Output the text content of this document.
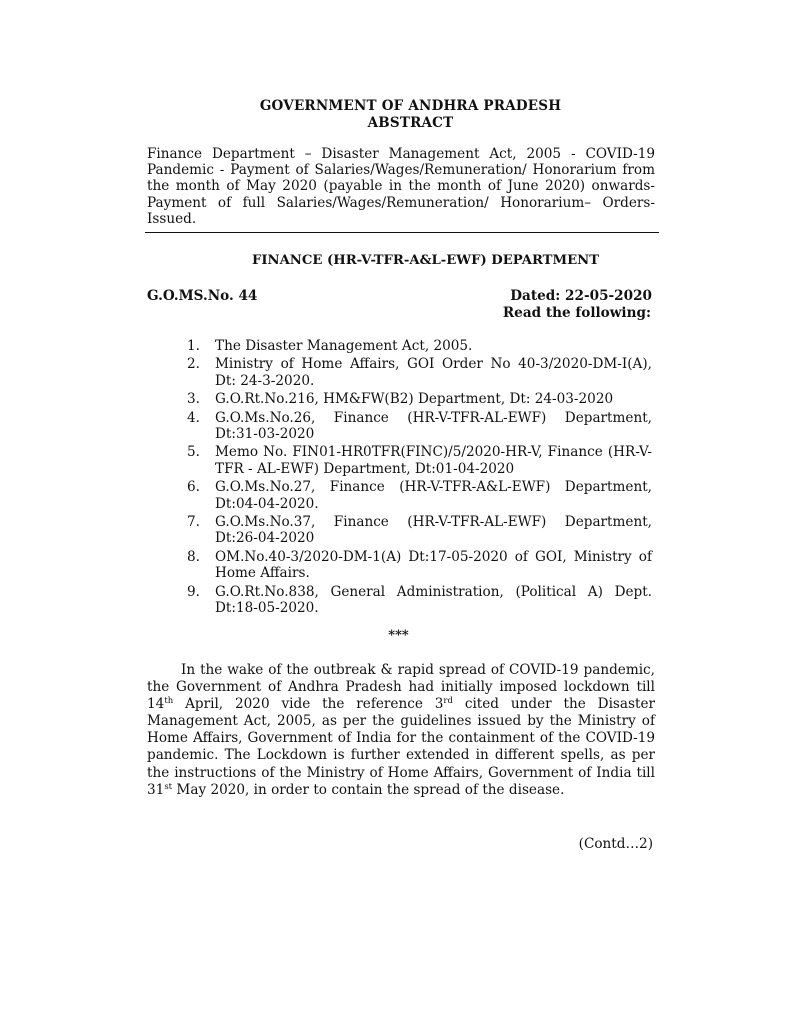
GOVERNMENT OF ANDHRA PRADESH
ABSTRACT
Finance Department – Disaster Management Act, 2005 - COVID-19 Pandemic - Payment of Salaries/Wages/Remuneration/ Honorarium from the month of May 2020 (payable in the month of June 2020) onwards- Payment of full Salaries/Wages/Remuneration/ Honorarium– Orders-Issued.
FINANCE (HR-V-TFR-A&L-EWF) DEPARTMENT
G.O.MS.No. 44	Dated: 22-05-2020
Read the following:
1.	The Disaster Management Act, 2005.
2.	Ministry of Home Affairs, GOI Order No 40-3/2020-DM-I(A), Dt: 24-3-2020.
3.	G.O.Rt.No.216, HM&FW(B2) Department, Dt: 24-03-2020
4.	G.O.Ms.No.26, Finance (HR-V-TFR-AL-EWF) Department, Dt:31-03-2020
5.	Memo No. FIN01-HR0TFR(FINC)/5/2020-HR-V, Finance (HR-V-TFR - AL-EWF) Department, Dt:01-04-2020
6.	G.O.Ms.No.27, Finance (HR-V-TFR-A&L-EWF) Department, Dt:04-04-2020.
7.	G.O.Ms.No.37, Finance (HR-V-TFR-AL-EWF) Department, Dt:26-04-2020
8.	OM.No.40-3/2020-DM-1(A) Dt:17-05-2020 of GOI, Ministry of Home Affairs.
9.	G.O.Rt.No.838, General Administration, (Political A) Dept. Dt:18-05-2020.
***

In the wake of the outbreak & rapid spread of COVID-19 pandemic, the Government of Andhra Pradesh had initially imposed lockdown till 14th April, 2020 vide the reference 3rd cited under the Disaster Management Act, 2005, as per the guidelines issued by the Ministry of Home Affairs, Government of India for the containment of the COVID-19 pandemic. The Lockdown is further extended in different spells, as per the instructions of the Ministry of Home Affairs, Government of India till 31st May 2020, in order to contain the spread of the disease.

(Contd…2)
